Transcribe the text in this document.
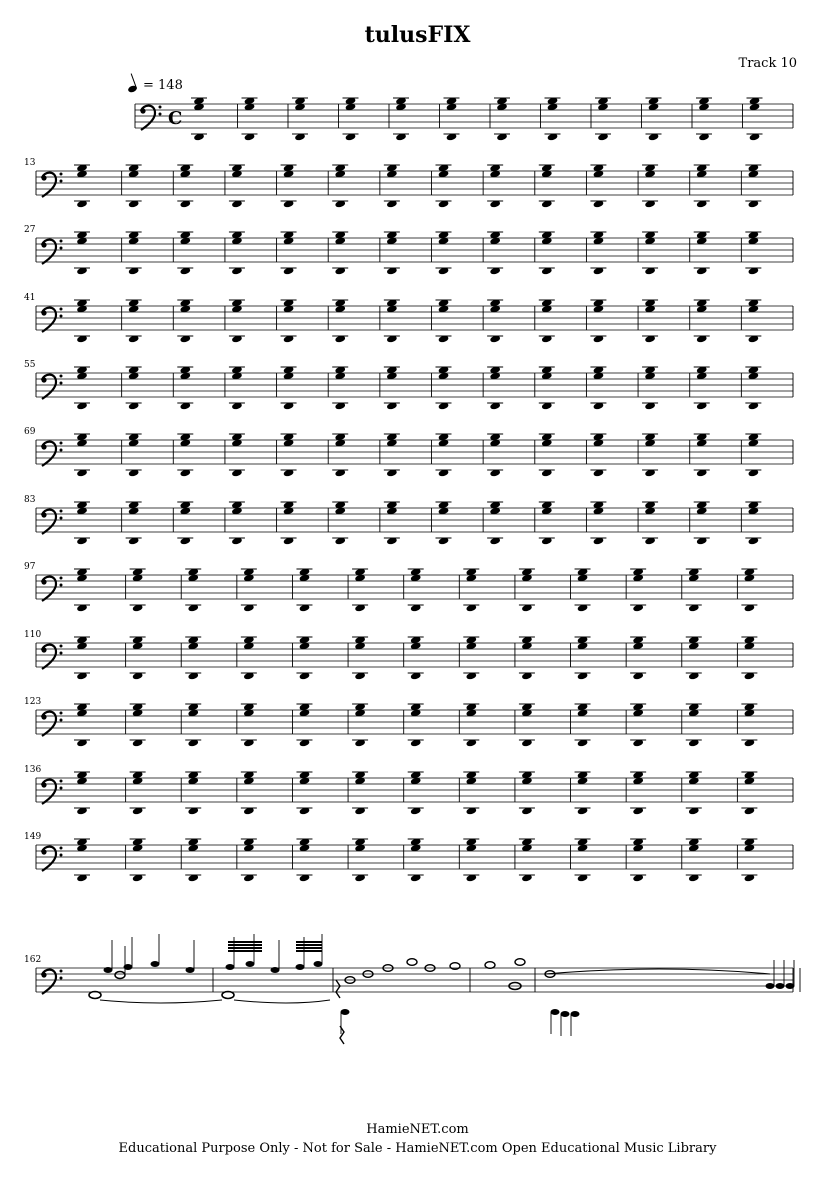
tulusFIX
Track 10
= 148
C
13
27
41
55
69
83
97
110
123
136
149
162
HamieNET.com
Educational Purpose Only - Not for Sale - HamieNET.com Open Educational Music Library
